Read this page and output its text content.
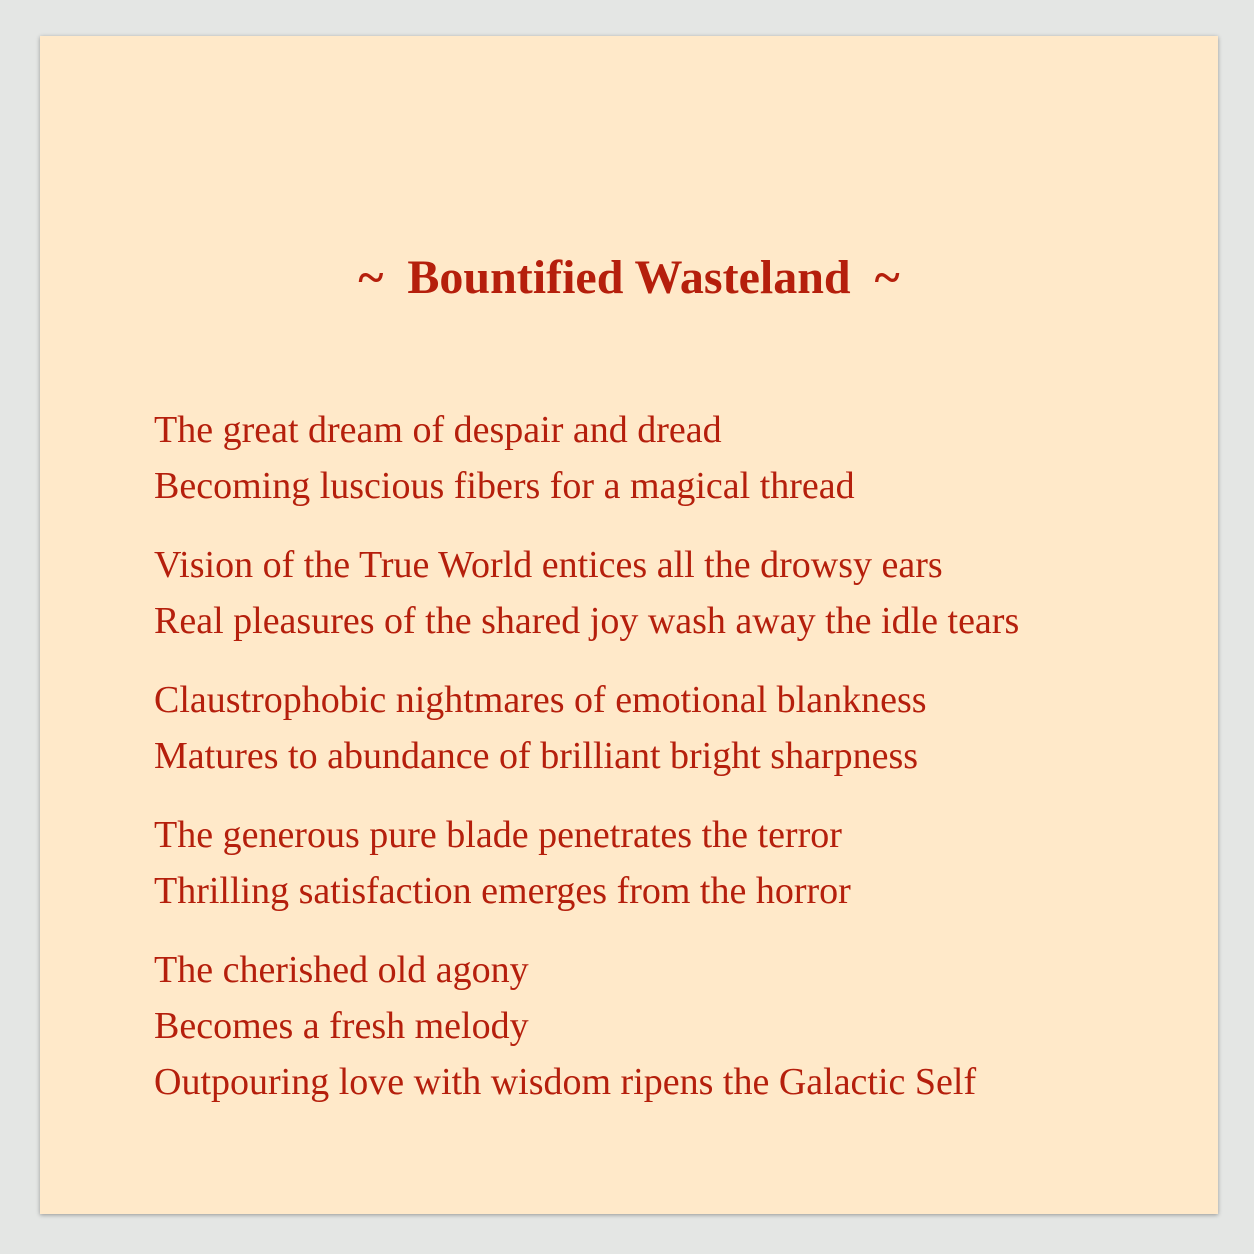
~ Bountified Wasteland ~
The great dream of despair and dread
Becoming luscious fibers for a magical thread
Vision of the True World entices all the drowsy ears
Real pleasures of the shared joy wash away the idle tears
Claustrophobic nightmares of emotional blankness
Matures to abundance of brilliant bright sharpness
The generous pure blade penetrates the terror
Thrilling satisfaction emerges from the horror
The cherished old agony
Becomes a fresh melody
Outpouring love with wisdom ripens the Galactic Self
